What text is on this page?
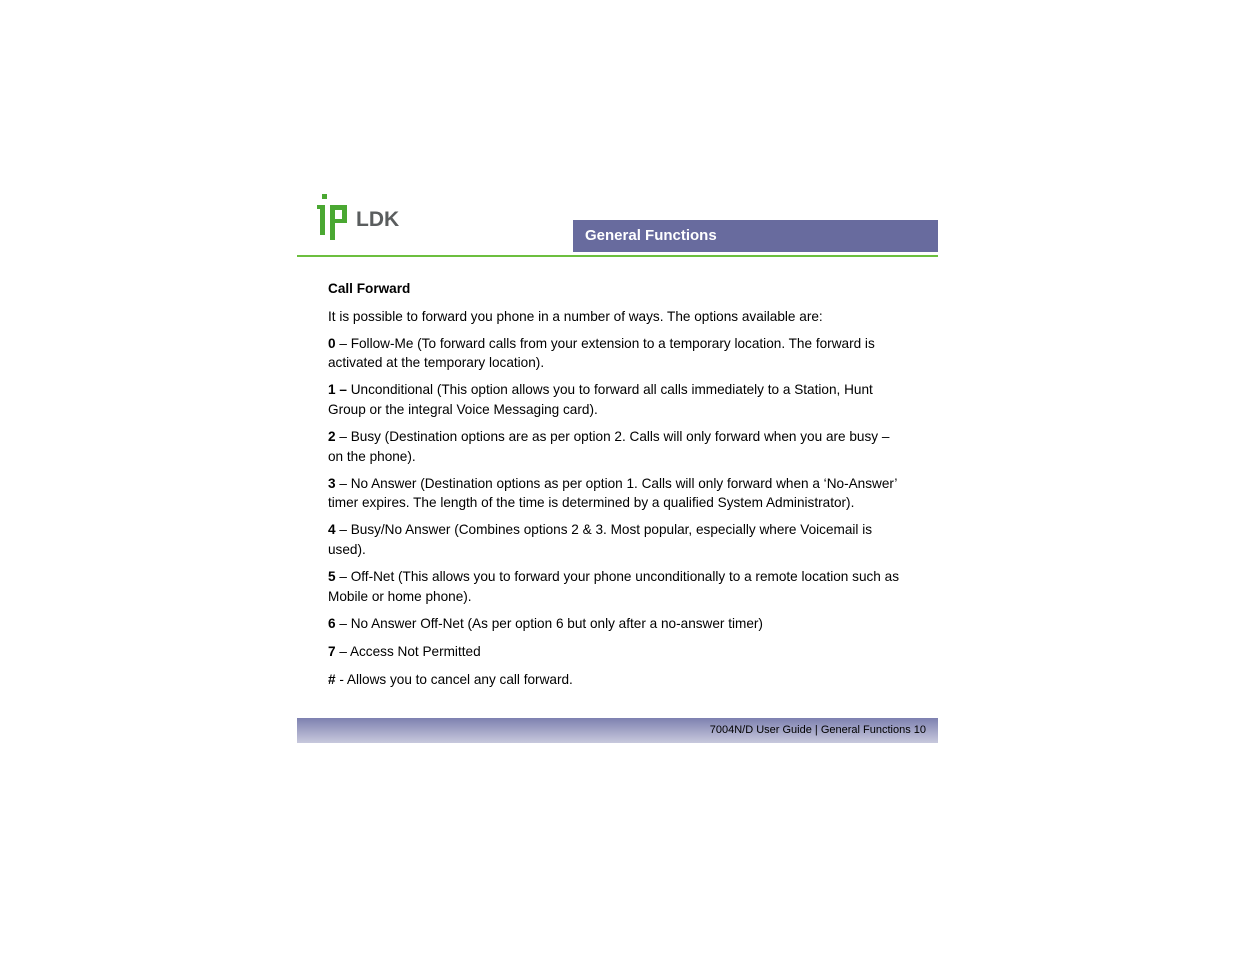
LDK
General Functions
Call Forward

It is possible to forward you phone in a number of ways. The options available are:

0 – Follow-Me (To forward calls from your extension to a temporary location. The forward is activated at the temporary location).

1 – Unconditional (This option allows you to forward all calls immediately to a Station, Hunt Group or the integral Voice Messaging card).

2 – Busy (Destination options are as per option 2. Calls will only forward when you are busy – on the phone).

3 – No Answer (Destination options as per option 1. Calls will only forward when a ‘No-Answer’ timer expires. The length of the time is determined by a qualified System Administrator).

4 – Busy/No Answer (Combines options 2 & 3. Most popular, especially where Voicemail is used).

5 – Off-Net (This allows you to forward your phone unconditionally to a remote location such as Mobile or home phone).

6 – No Answer Off-Net (As per option 6 but only after a no-answer timer)

7 – Access Not Permitted

# - Allows you to cancel any call forward.

7004N/D User Guide | General Functions 10
